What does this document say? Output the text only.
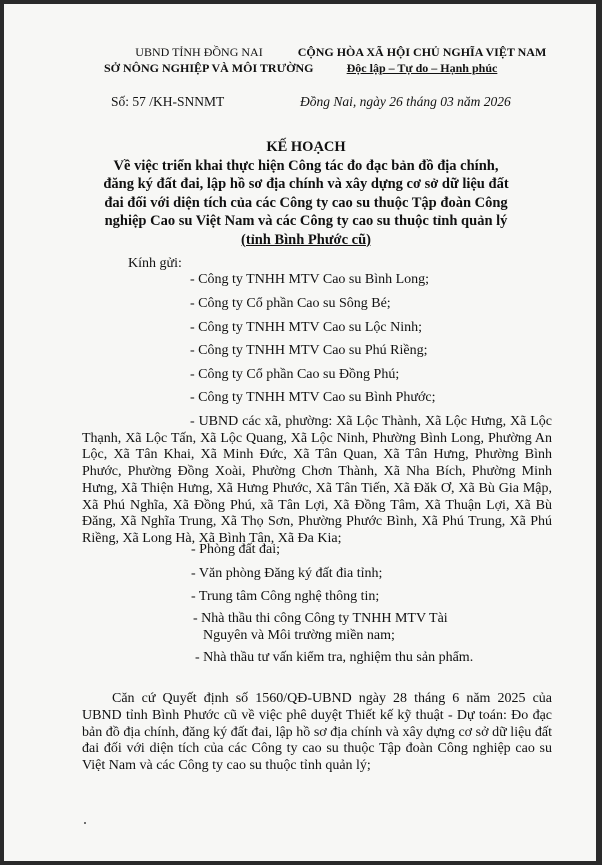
UBND TỈNH ĐỒNG NAI
SỞ NÔNG NGHIỆP VÀ MÔI TRƯỜNG
CỘNG HÒA XÃ HỘI CHỦ NGHĨA VIỆT NAM
Độc lập – Tự do – Hạnh phúc
Số: 57 /KH-SNNMT	Đồng Nai, ngày 26 tháng 03 năm 2026
KẾ HOẠCH
Về việc triển khai thực hiện Công tác đo đạc bản đồ địa chính,
đăng ký đất đai, lập hồ sơ địa chính và xây dựng cơ sở dữ liệu đất
đai đối với diện tích của các Công ty cao su thuộc Tập đoàn Công
nghiệp Cao su Việt Nam và các Công ty cao su thuộc tỉnh quản lý
(tỉnh Bình Phước cũ)
Kính gửi:
- Công ty TNHH MTV Cao su Bình Long;
- Công ty Cổ phần Cao su Sông Bé;
- Công ty TNHH MTV Cao su Lộc Ninh;
- Công ty TNHH MTV Cao su Phú Riềng;
- Công ty Cổ phần Cao su Đồng Phú;
- Công ty TNHH MTV Cao su Bình Phước;
- UBND các xã, phường: Xã Lộc Thành, Xã Lộc Hưng, Xã Lộc Thạnh, Xã Lộc Tấn, Xã Lộc Quang, Xã Lộc Ninh, Phường Bình Long, Phường An Lộc, Xã Tân Khai, Xã Minh Đức, Xã Tân Quan, Xã Tân Hưng, Phường Bình Phước, Phường Đồng Xoài, Phường Chơn Thành, Xã Nha Bích, Phường Minh Hưng, Xã Thiện Hưng, Xã Hưng Phước, Xã Tân Tiến, Xã Đăk Ơ, Xã Bù Gia Mập, Xã Phú Nghĩa, Xã Đồng Phú, xã Tân Lợi, Xã Đồng Tâm, Xã Thuận Lợi, Xã Bù Đăng, Xã Nghĩa Trung, Xã Thọ Sơn, Phường Phước Bình, Xã Phú Trung, Xã Phú Riềng, Xã Long Hà, Xã Bình Tân, Xã Đa Kia;
- Phòng đất đai;
- Văn phòng Đăng ký đất đia tỉnh;
- Trung tâm Công nghệ thông tin;
- Nhà thầu thi công Công ty TNHH MTV Tài
Nguyên và Môi trường miền nam;
- Nhà thầu tư vấn kiểm tra, nghiệm thu sản phẩm.
Căn cứ Quyết định số 1560/QĐ-UBND ngày 28 tháng 6 năm 2025 của UBND tỉnh Bình Phước cũ về việc phê duyệt Thiết kế kỹ thuật - Dự toán: Đo đạc bản đồ địa chính, đăng ký đất đai, lập hồ sơ địa chính và xây dựng cơ sở dữ liệu đất đai đối với diện tích của các Công ty cao su thuộc Tập đoàn Công nghiệp cao su Việt Nam và các Công ty cao su thuộc tỉnh quản lý;
